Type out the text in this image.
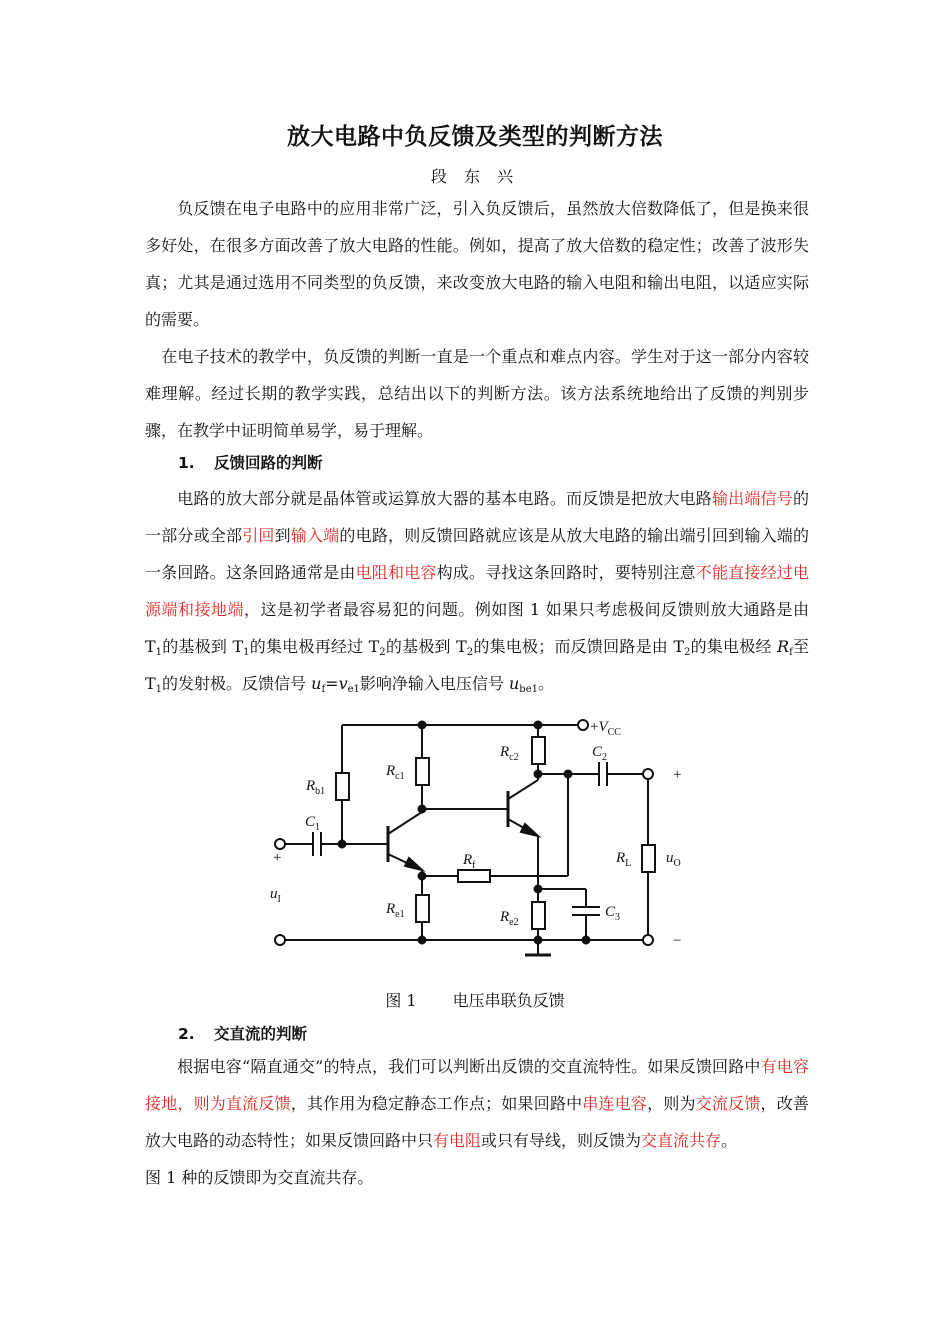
放大电路中负反馈及类型的判断方法
段 东 兴

负反馈在电子电路中的应用非常广泛，引入负反馈后，虽然放大倍数降低了，但是换来很多好处，在很多方面改善了放大电路的性能。例如，提高了放大倍数的稳定性；改善了波形失真；尤其是通过选用不同类型的负反馈，来改变放大电路的输入电阻和输出电阻，以适应实际的需要。

在电子技术的教学中，负反馈的判断一直是一个重点和难点内容。学生对于这一部分内容较难理解。经过长期的教学实践，总结出以下的判断方法。该方法系统地给出了反馈的判别步骤，在教学中证明简单易学，易于理解。

1. 反馈回路的判断

电路的放大部分就是晶体管或运算放大器的基本电路。而反馈是把放大电路输出端信号的一部分或全部引回到输入端的电路，则反馈回路就应该是从放大电路的输出端引回到输入端的一条回路。这条回路通常是由电阻和电容构成。寻找这条回路时，要特别注意不能直接经过电源端和接地端，这是初学者最容易犯的问题。例如图 1 如果只考虑极间反馈则放大通路是由 $T_1$的基极到 $T_1$的集电极再经过 $T_2$的基极到 $T_2$的集电极；而反馈回路是由 $T_2$的集电极经 $R_f$至 $T_1$的发射极。反馈信号 $u_f=v_{e1}$影响净输入电压信号 $u_{be1}$。

$+V_{CC}$
$R_{c2}$	$C_2$
+
$R_{c1}$
$R_{b1}$
$C_1$
+	$R_f$	$R_L$ $u_O$
$u_I$
$R_{e1}$	$R_{e2}$
$C_3$
−
图 1 电压串联负反馈
2. 交直流的判断

根据电容“隔直通交”的特点，我们可以判断出反馈的交直流特性。如果反馈回路中有电容接地，则为直流反馈，其作用为稳定静态工作点；如果回路中串连电容，则为交流反馈，改善放大电路的动态特性；如果反馈回路中只有电阻或只有导线，则反馈为交直流共存。
图 1 种的反馈即为交直流共存。
